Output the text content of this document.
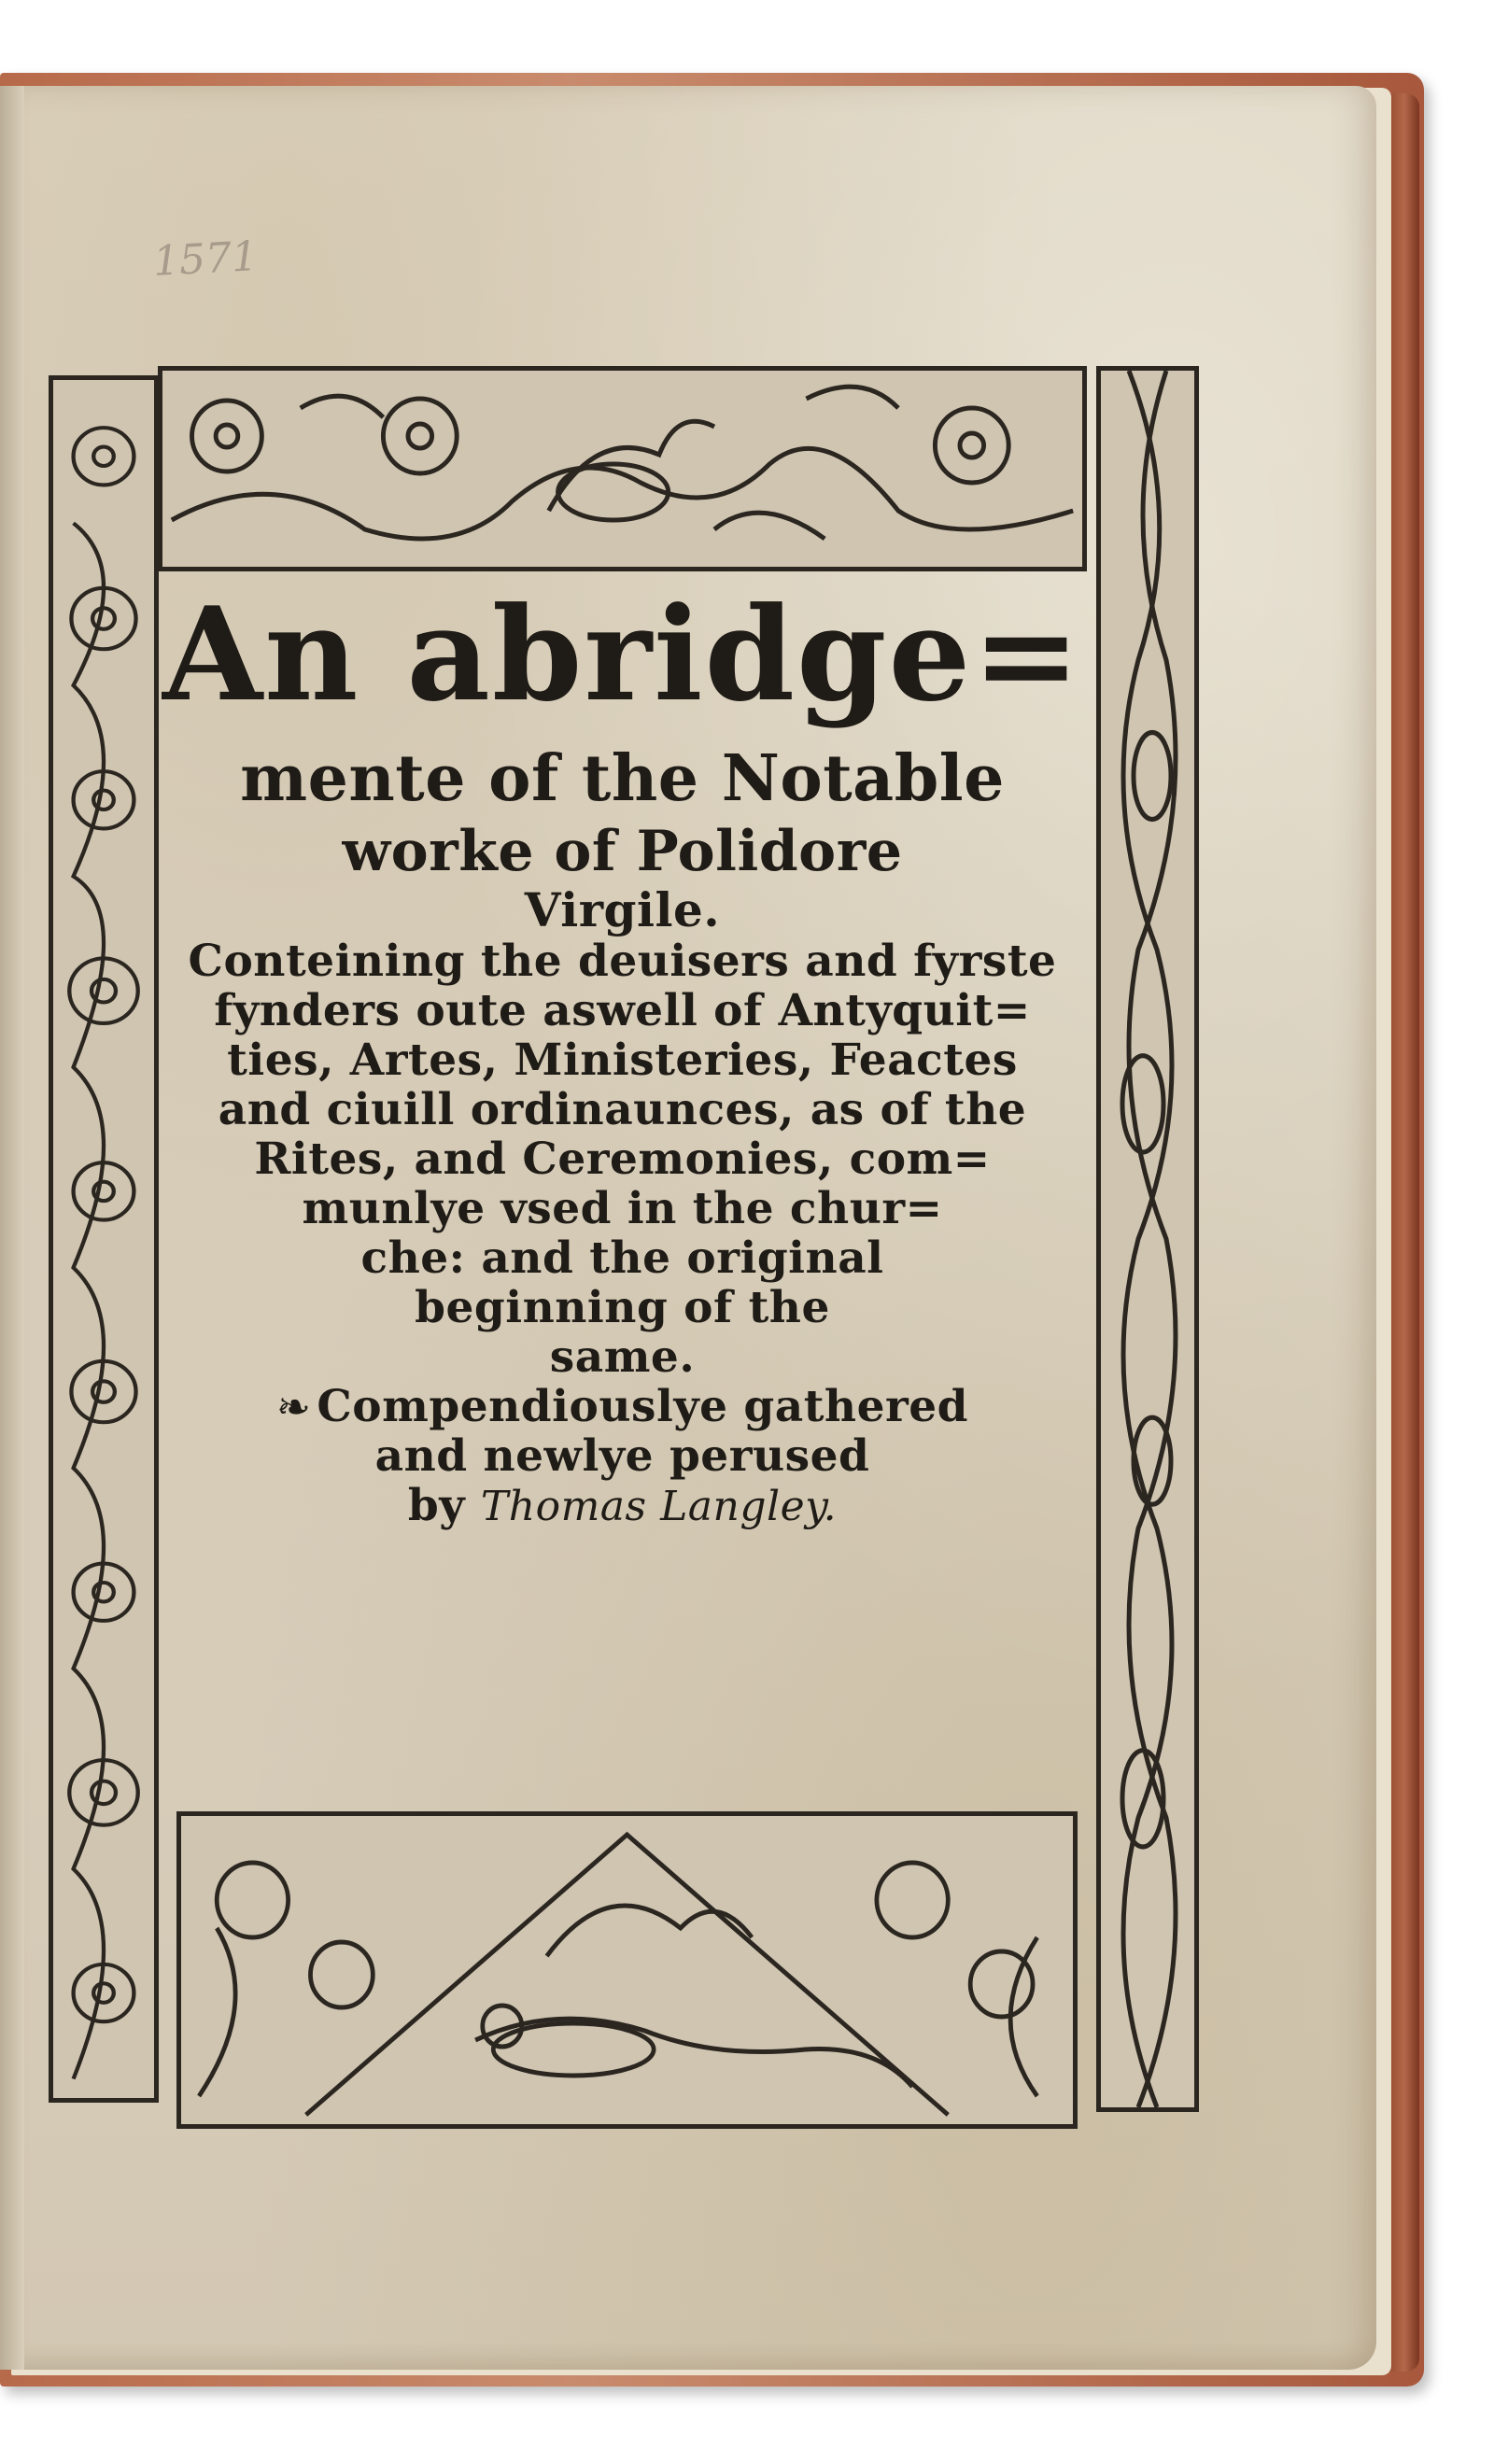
1571
An abridge=
mente of the Notable
worke of Polidore
Virgile.
Conteining the deuisers and fyrste
fynders oute aswell of Antyquit=
ties, Artes, Ministeries, Feactes
and ciuill ordinaunces, as of the
Rites, and Ceremonies, com=
munlye vsed in the chur=
che: and the original
beginning of the
same.
❧ Compendiouslye gathered
and newlye perused
by Thomas Langley.
